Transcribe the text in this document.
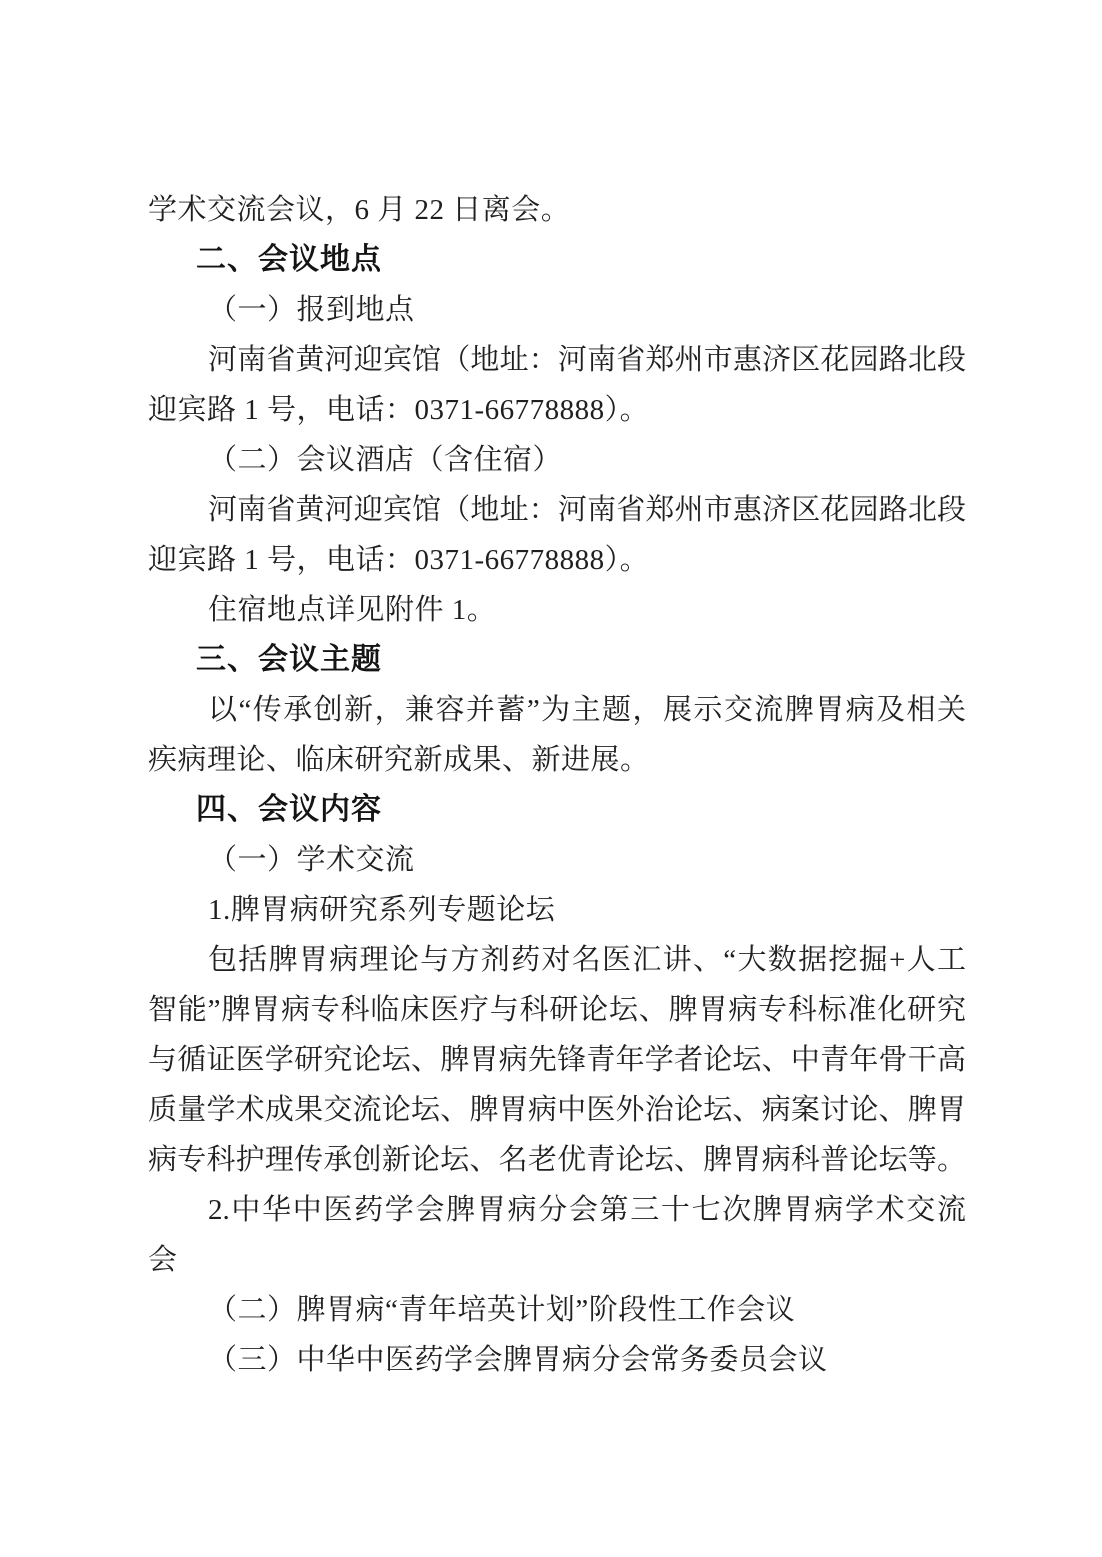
学术交流会议，6 月 22 日离会。
二、会议地点
（一）报到地点
河南省黄河迎宾馆（地址：河南省郑州市惠济区花园路北段
迎宾路 1 号，电话：0371-66778888）。
（二）会议酒店（含住宿）
河南省黄河迎宾馆（地址：河南省郑州市惠济区花园路北段
迎宾路 1 号，电话：0371-66778888）。
住宿地点详见附件 1。
三、会议主题
以“传承创新，兼容并蓄”为主题，展示交流脾胃病及相关
疾病理论、临床研究新成果、新进展。
四、会议内容
（一）学术交流
1.脾胃病研究系列专题论坛
包括脾胃病理论与方剂药对名医汇讲、“大数据挖掘+人工
智能”脾胃病专科临床医疗与科研论坛、脾胃病专科标准化研究
与循证医学研究论坛、脾胃病先锋青年学者论坛、中青年骨干高
质量学术成果交流论坛、脾胃病中医外治论坛、病案讨论、脾胃
病专科护理传承创新论坛、名老优青论坛、脾胃病科普论坛等。
2.中华中医药学会脾胃病分会第三十七次脾胃病学术交流
会
（二）脾胃病“青年培英计划”阶段性工作会议
（三）中华中医药学会脾胃病分会常务委员会议
